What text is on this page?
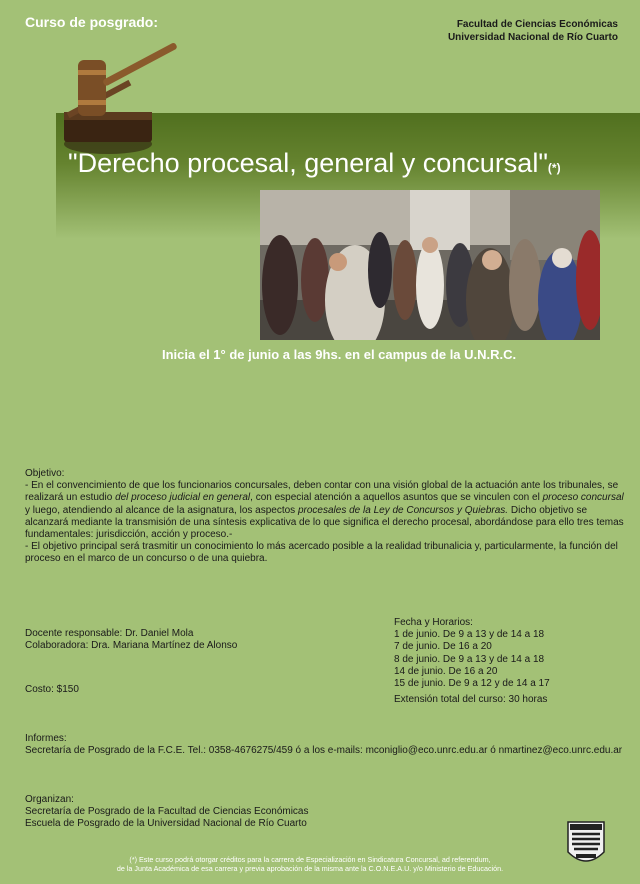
Curso de posgrado:	Facultad de Ciencias Económicas
Universidad Nacional de Río Cuarto
"Derecho procesal, general y concursal"(*)
Inicia el 1° de junio a las 9hs. en el campus de la U.N.R.C.
Objetivo:

- En el convencimiento de que los funcionarios concursales, deben contar con una visión global de la actuación ante los tribunales, se realizará un estudio del proceso judicial en general, con especial atención a aquellos asuntos que se vinculen con el proceso concursal y luego, atendiendo al alcance de la asignatura, los aspectos procesales de la Ley de Concursos y Quiebras. Dicho objetivo se alcanzará mediante la transmisión de una síntesis explicativa de lo que significa el derecho procesal, abordándose para ello tres temas fundamentales: jurisdicción, acción y proceso.-

- El objetivo principal será trasmitir un conocimiento lo más acercado posible a la realidad tribunalicia y, particularmente, la función del proceso en el marco de un concurso o de una quiebra.

Docente responsable: Dr. Daniel Mola
Colaboradora: Dra. Mariana Martínez de Alonso
Costo: $150
Fecha y Horarios:
1 de junio. De 9 a 13 y de 14 a 18
7 de junio. De 16 a 20
8 de junio. De 9 a 13 y de 14 a 18
14 de junio. De 16 a 20
15 de junio. De 9 a 12 y de 14 a 17
Extensión total del curso: 30 horas
Informes:
Secretaría de Posgrado de la F.C.E. Tel.: 0358-4676275/459 ó a los e-mails: mconiglio@eco.unrc.edu.ar ó nmartinez@eco.unrc.edu.ar
Organizan:
Secretaría de Posgrado de la Facultad de Ciencias Económicas
Escuela de Posgrado de la Universidad Nacional de Río Cuarto
(*) Este curso podrá otorgar créditos para la carrera de Especialización en Sindicatura Concursal, ad referendum,
de la Junta Académica de esa carrera y previa aprobación de la misma ante la C.O.N.E.A.U. y/o Ministerio de Educación.
